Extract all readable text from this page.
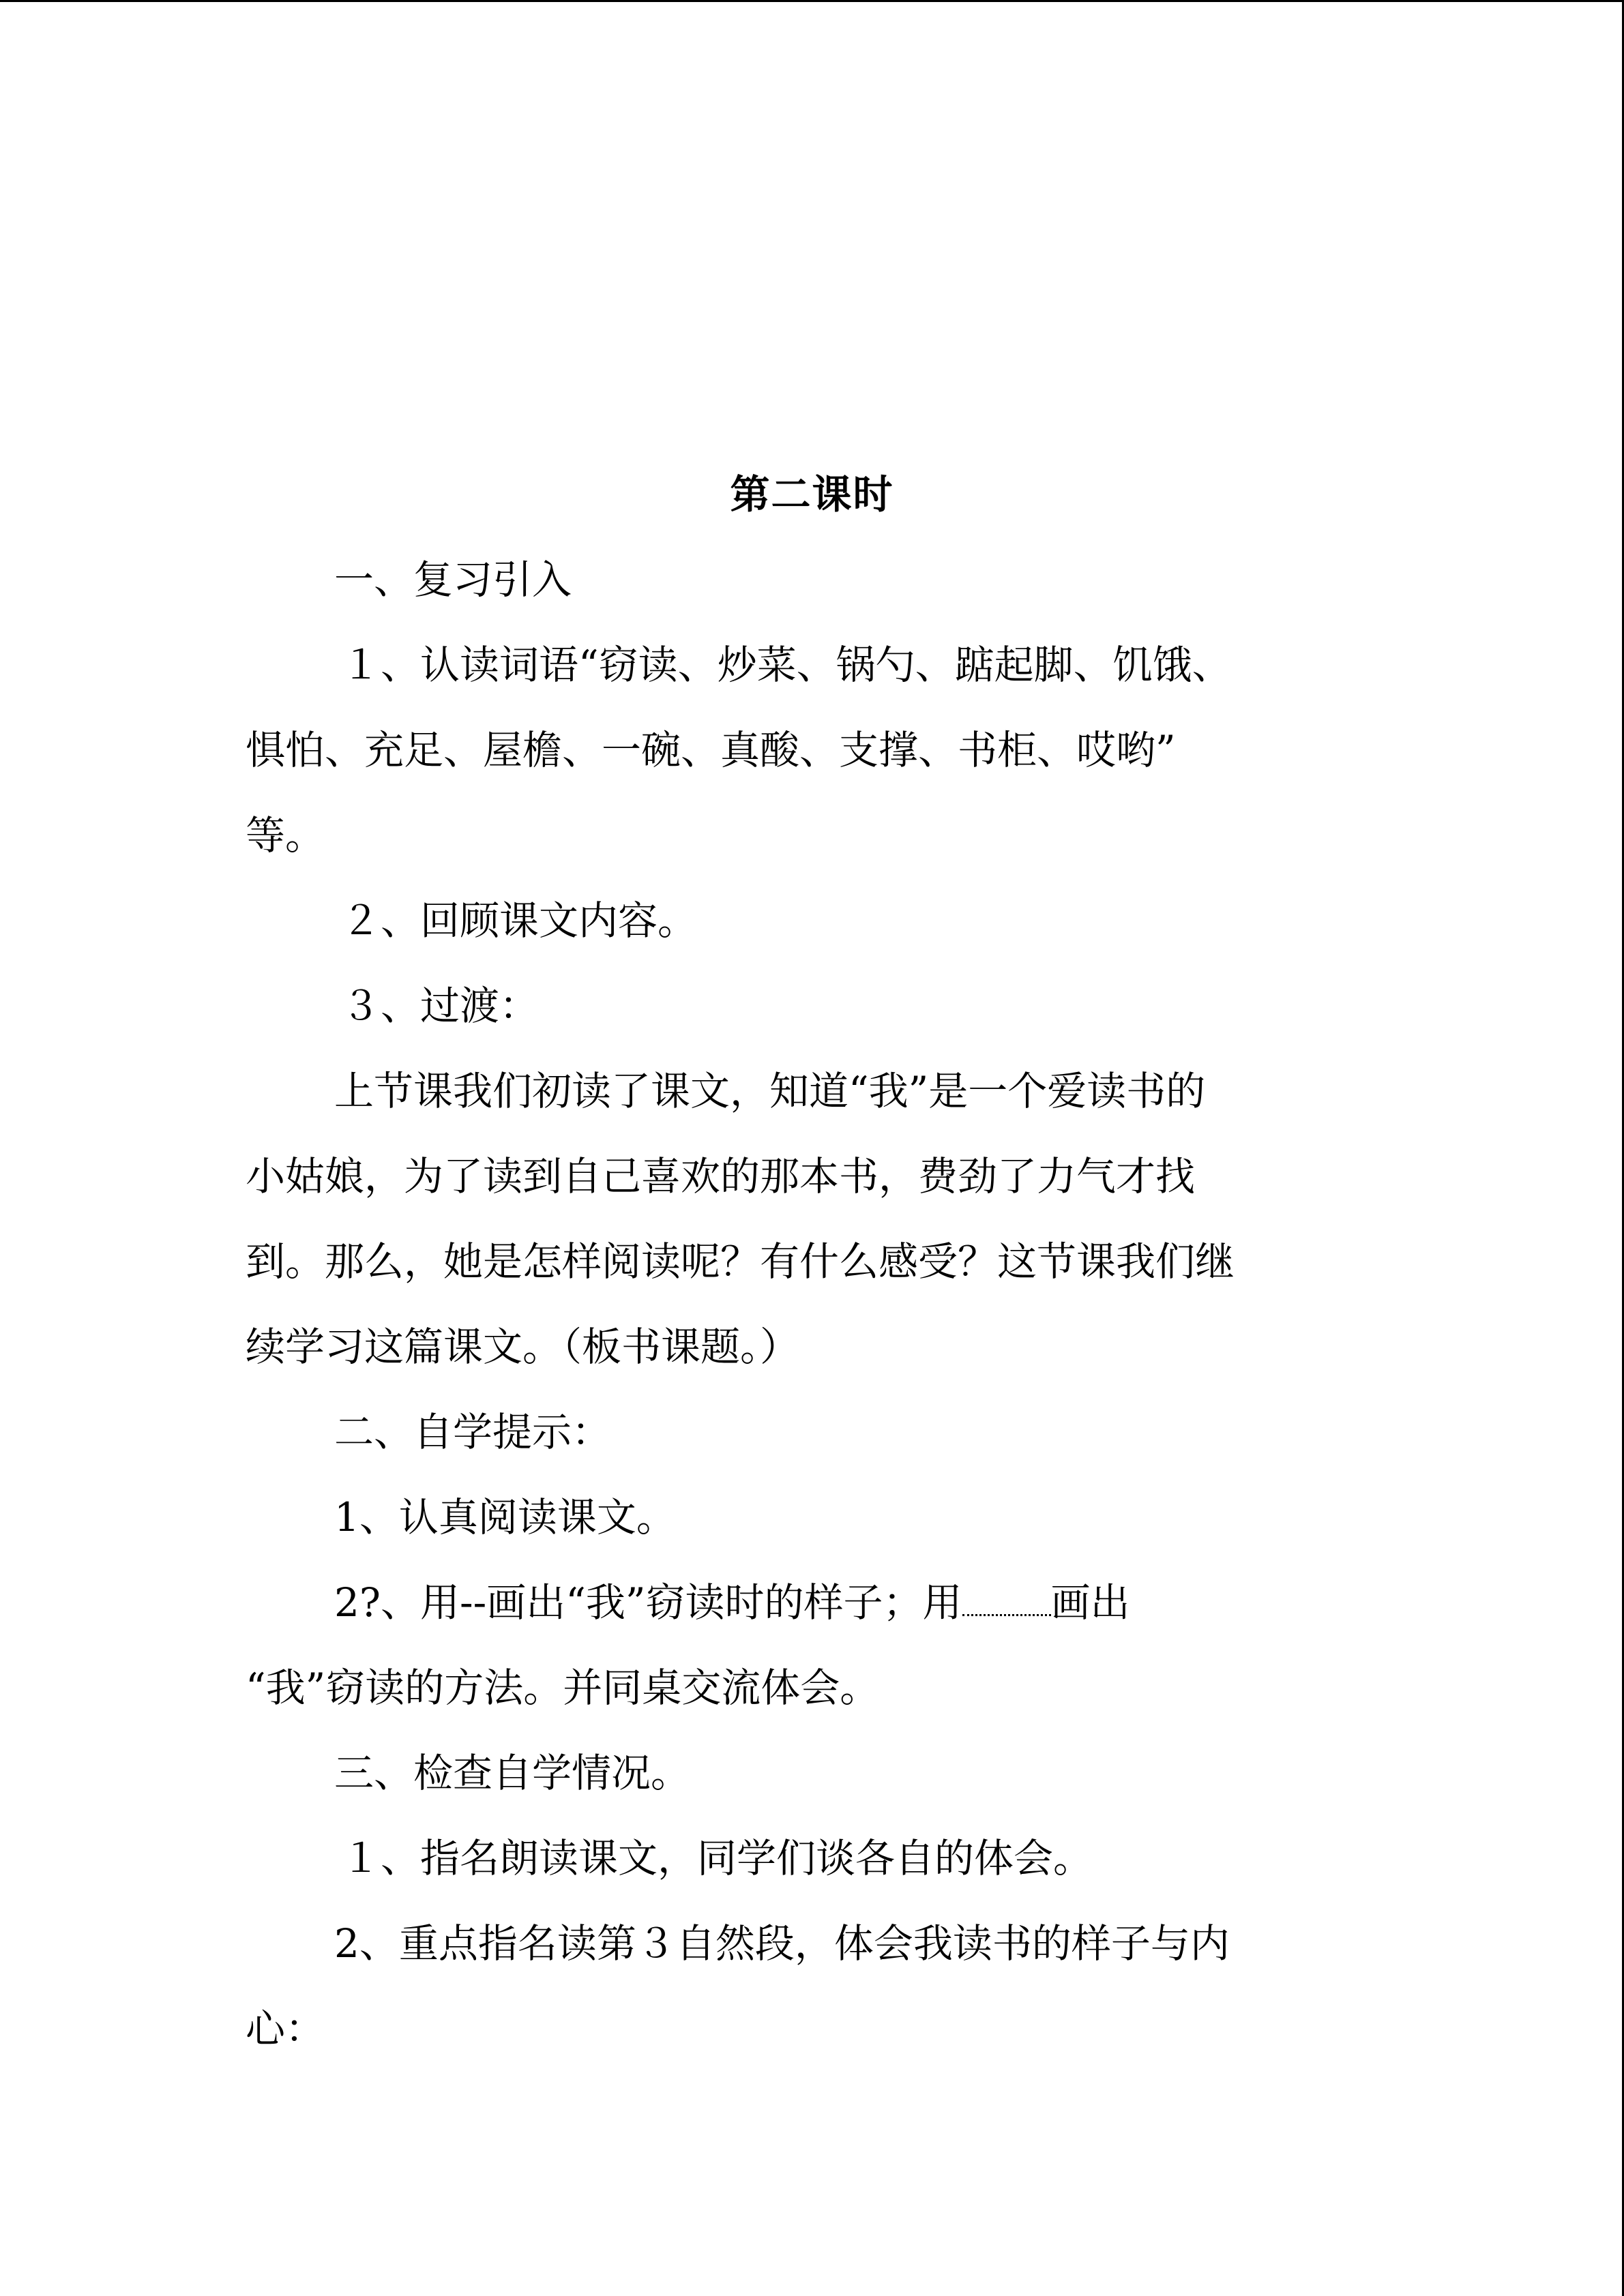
第二课时
一、复习引入
１、认读词语“窃读、炒菜、锅勺、踮起脚、饥饿、
惧怕、充足、屋檐、一碗、真酸、支撑、书柜、哎哟”
等。
２、回顾课文内容。
３、过渡：
上节课我们初读了课文，知道“我”是一个爱读书的
小姑娘，为了读到自己喜欢的那本书，费劲了力气才找
到。那么，她是怎样阅读呢？有什么感受？这节课我们继
续学习这篇课文。（板书课题。）
二、自学提示：
1、认真阅读课文。
2?、用--画出“我”窃读时的样子；用 画出
“我”窃读的方法。并同桌交流体会。
三、检查自学情况。
１、指名朗读课文，同学们谈各自的体会。
2、重点指名读第３自然段，体会我读书的样子与内
心：
